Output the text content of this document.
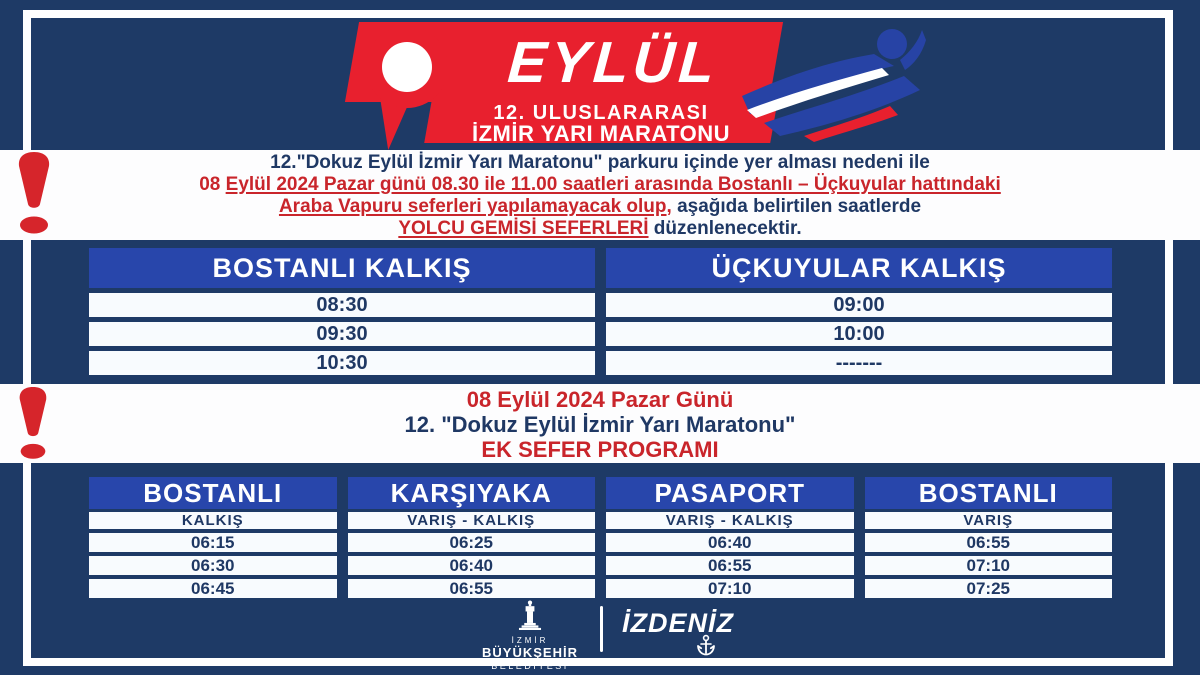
EYLÜL
12. ULUSLARARASI
İZMİR YARI MARATONU
12."Dokuz Eylül İzmir Yarı Maratonu" parkuru içinde yer alması nedeni ile
08 Eylül 2024 Pazar günü 08.30 ile 11.00 saatleri arasında Bostanlı – Üçkuyular hattındaki
Araba Vapuru seferleri yapılamayacak olup, aşağıda belirtilen saatlerde
YOLCU GEMİSİ SEFERLERİ düzenlenecektir.
BOSTANLI KALKIŞ	ÜÇKUYULAR KALKIŞ
08:30	09:00
09:30	10:00
10:30	-------
08 Eylül 2024 Pazar Günü
12. "Dokuz Eylül İzmir Yarı Maratonu"
EK SEFER PROGRAMI
BOSTANLI	KARŞIYAKA	PASAPORT	BOSTANLI
KALKIŞ	VARIŞ - KALKIŞ	VARIŞ - KALKIŞ	VARIŞ
06:15	06:25	06:40	06:55
06:30	06:40	06:55	07:10
06:45	06:55	07:10	07:25
İZMİR
BÜYÜKŞEHİR
BELEDİYESİ
İZDENİZ
